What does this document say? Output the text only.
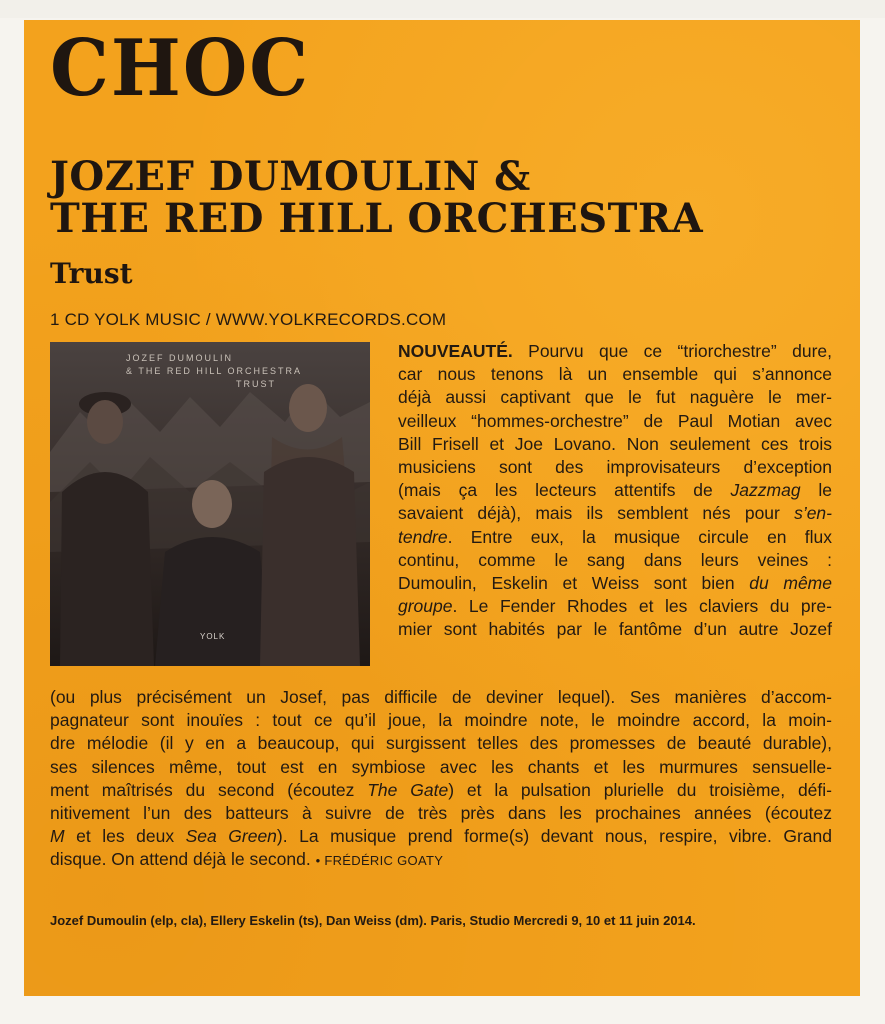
CHOC
JOZEF DUMOULIN &
THE RED HILL ORCHESTRA
Trust
1 CD YOLK MUSIC / WWW.YOLKRECORDS.COM
JOZEF DUMOULIN
& THE RED HILL ORCHESTRA
TRUST
YOLK
NOUVEAUTÉ. Pourvu que ce “triorchestre” dure,
car nous tenons là un ensemble qui s’annonce
déjà aussi captivant que le fut naguère le mer-
veilleux “hommes-orchestre” de Paul Motian avec
Bill Frisell et Joe Lovano. Non seulement ces trois
musiciens sont des improvisateurs d’exception
(mais ça les lecteurs attentifs de Jazzmag le
savaient déjà), mais ils semblent nés pour s’en-
tendre. Entre eux, la musique circule en flux
continu, comme le sang dans leurs veines :
Dumoulin, Eskelin et Weiss sont bien du même
groupe. Le Fender Rhodes et les claviers du pre-
mier sont habités par le fantôme d’un autre Jozef
(ou plus précisément un Josef, pas difficile de deviner lequel). Ses manières d’accom-
pagnateur sont inouïes : tout ce qu’il joue, la moindre note, le moindre accord, la moin-
dre mélodie (il y en a beaucoup, qui surgissent telles des promesses de beauté durable),
ses silences même, tout est en symbiose avec les chants et les murmures sensuelle-
ment maîtrisés du second (écoutez The Gate) et la pulsation plurielle du troisième, défi-
nitivement l’un des batteurs à suivre de très près dans les prochaines années (écoutez
M et les deux Sea Green). La musique prend forme(s) devant nous, respire, vibre. Grand
disque. On attend déjà le second. • FRÉDÉRIC GOATY
Jozef Dumoulin (elp, cla), Ellery Eskelin (ts), Dan Weiss (dm). Paris, Studio Mercredi 9, 10 et 11 juin 2014.
